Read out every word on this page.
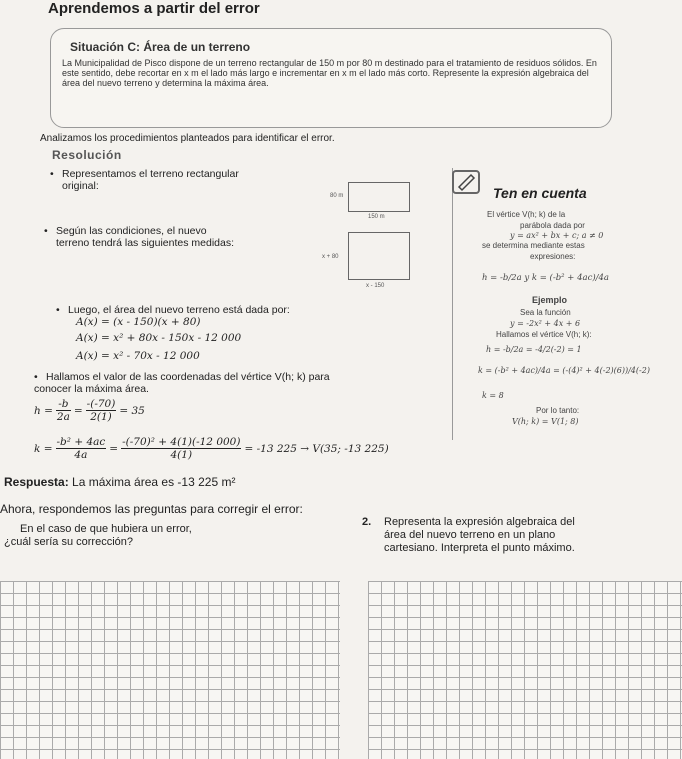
Aprendemos a partir del error
Situación C: Área de un terreno
La Municipalidad de Pisco dispone de un terreno rectangular de 150 m por 80 m destinado para el tratamiento de residuos sólidos. En este sentido, debe recortar en x m el lado más largo e incrementar en x m el lado más corto. Represente la expresión algebraica del área del nuevo terreno y determina la máxima área.
Analizamos los procedimientos planteados para identificar el error.
Resolución
• Representamos el terreno rectangular
original:
80 m
150 m
• Según las condiciones, el nuevo
terreno tendrá las siguientes medidas:
x + 80
x - 150
• Luego, el área del nuevo terreno está dada por:
A(x) = (x - 150)(x + 80)
A(x) = x² + 80x - 150x - 12 000
A(x) = x² - 70x - 12 000
• Hallamos el valor de las coordenadas del vértice V(h; k) para
conocer la máxima área.
$h = \frac{-b}{2a} = \frac{-(-70)}{2(1)} = 35$
$k = \frac{\text{-b² + 4ac}}{4a} = \frac{\text{-(-70)² + 4(1)(-12 000)}}{4(1)} = -13$ 225 → V(35; -13 225)
Respuesta: La máxima área es -13 225 m²
Ten en cuenta
El vértice V(h; k) de la
parábola dada por
y = ax² + bx + c; a ≠ 0
se determina mediante estas
expresiones:
h = -b/2a y k = (-b² + 4ac)/4a
Ejemplo
Sea la función
y = -2x² + 4x + 6
Hallamos el vértice V(h; k):
h = -b/2a = -4/2(-2) = 1
k = (-b² + 4ac)/4a = (-(4)² + 4(-2)(6))/4(-2)
k = 8
Por lo tanto:
V(h; k) = V(1; 8)
Ahora, respondemos las preguntas para corregir el error:
En el caso de que hubiera un error,
¿cuál sería su corrección?
2. Representa la expresión algebraica del
área del nuevo terreno en un plano
cartesiano. Interpreta el punto máximo.
